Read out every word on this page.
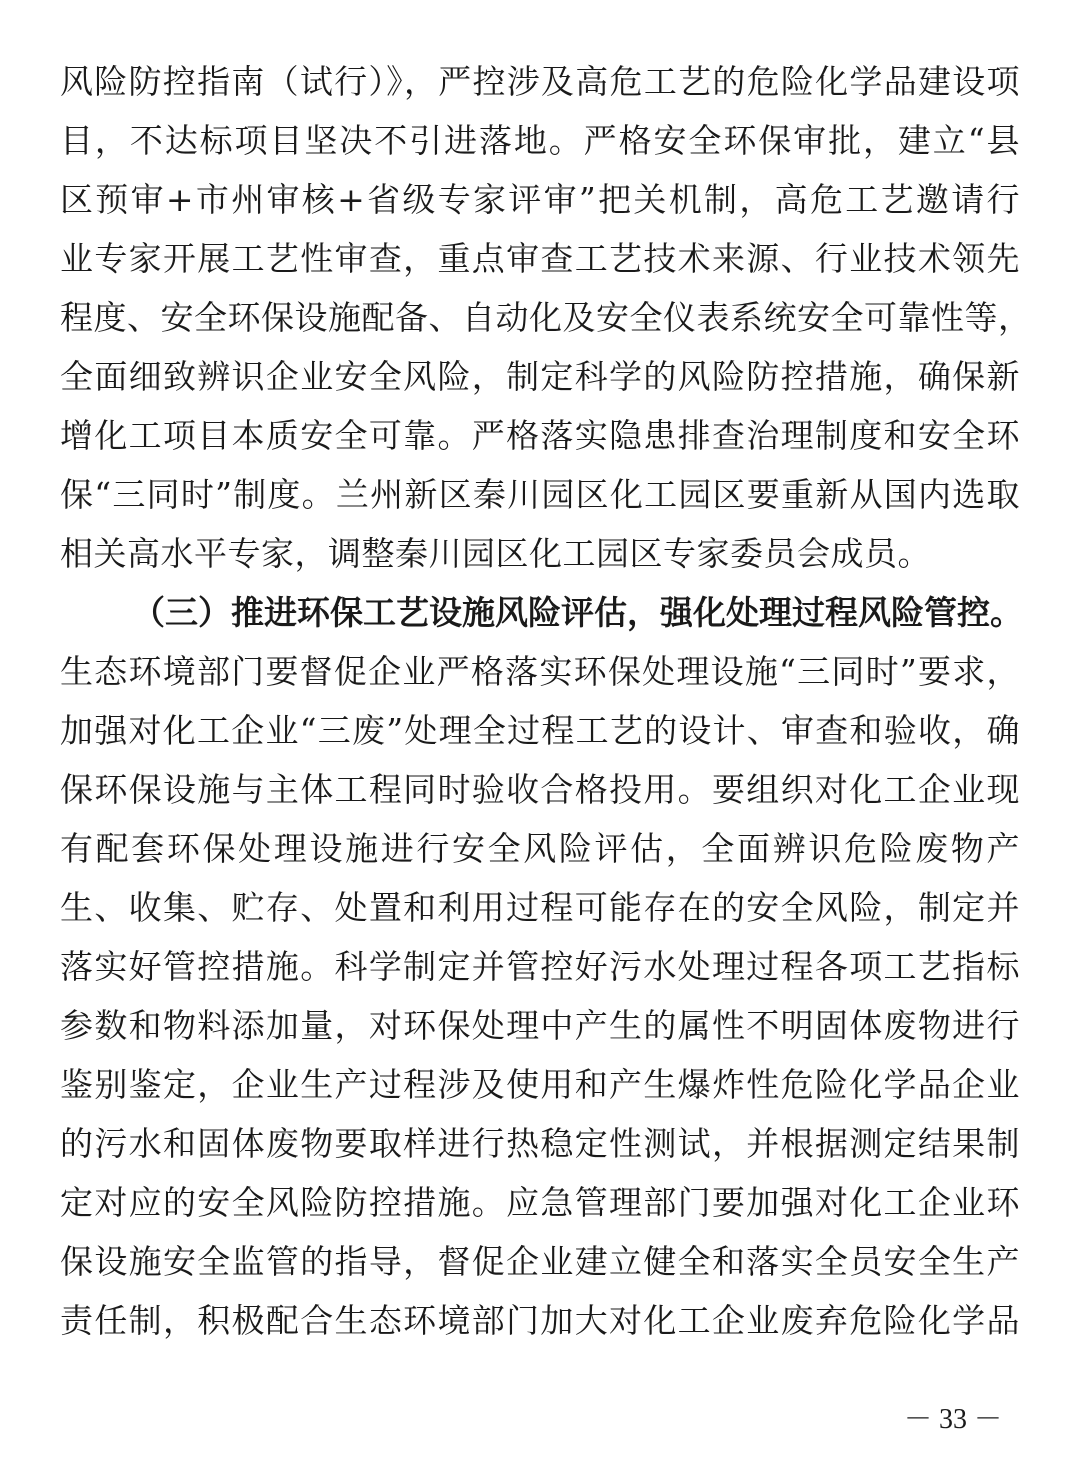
风险防控指南（试行）》，严控涉及高危工艺的危险化学品建设项
目，不达标项目坚决不引进落地。严格安全环保审批，建立“县
区预审+市州审核+省级专家评审”把关机制，高危工艺邀请行
业专家开展工艺性审查，重点审查工艺技术来源、行业技术领先
程度、安全环保设施配备、自动化及安全仪表系统安全可靠性等，
全面细致辨识企业安全风险，制定科学的风险防控措施，确保新
增化工项目本质安全可靠。严格落实隐患排查治理制度和安全环
保“三同时”制度。兰州新区秦川园区化工园区要重新从国内选取
相关高水平专家，调整秦川园区化工园区专家委员会成员。
（三）推进环保工艺设施风险评估，强化处理过程风险管控。
生态环境部门要督促企业严格落实环保处理设施“三同时”要求，
加强对化工企业“三废”处理全过程工艺的设计、审查和验收，确
保环保设施与主体工程同时验收合格投用。要组织对化工企业现
有配套环保处理设施进行安全风险评估，全面辨识危险废物产
生、收集、贮存、处置和利用过程可能存在的安全风险，制定并
落实好管控措施。科学制定并管控好污水处理过程各项工艺指标
参数和物料添加量，对环保处理中产生的属性不明固体废物进行
鉴别鉴定，企业生产过程涉及使用和产生爆炸性危险化学品企业
的污水和固体废物要取样进行热稳定性测试，并根据测定结果制
定对应的安全风险防控措施。应急管理部门要加强对化工企业环
保设施安全监管的指导，督促企业建立健全和落实全员安全生产
责任制，积极配合生态环境部门加大对化工企业废弃危险化学品
－ 33 －
